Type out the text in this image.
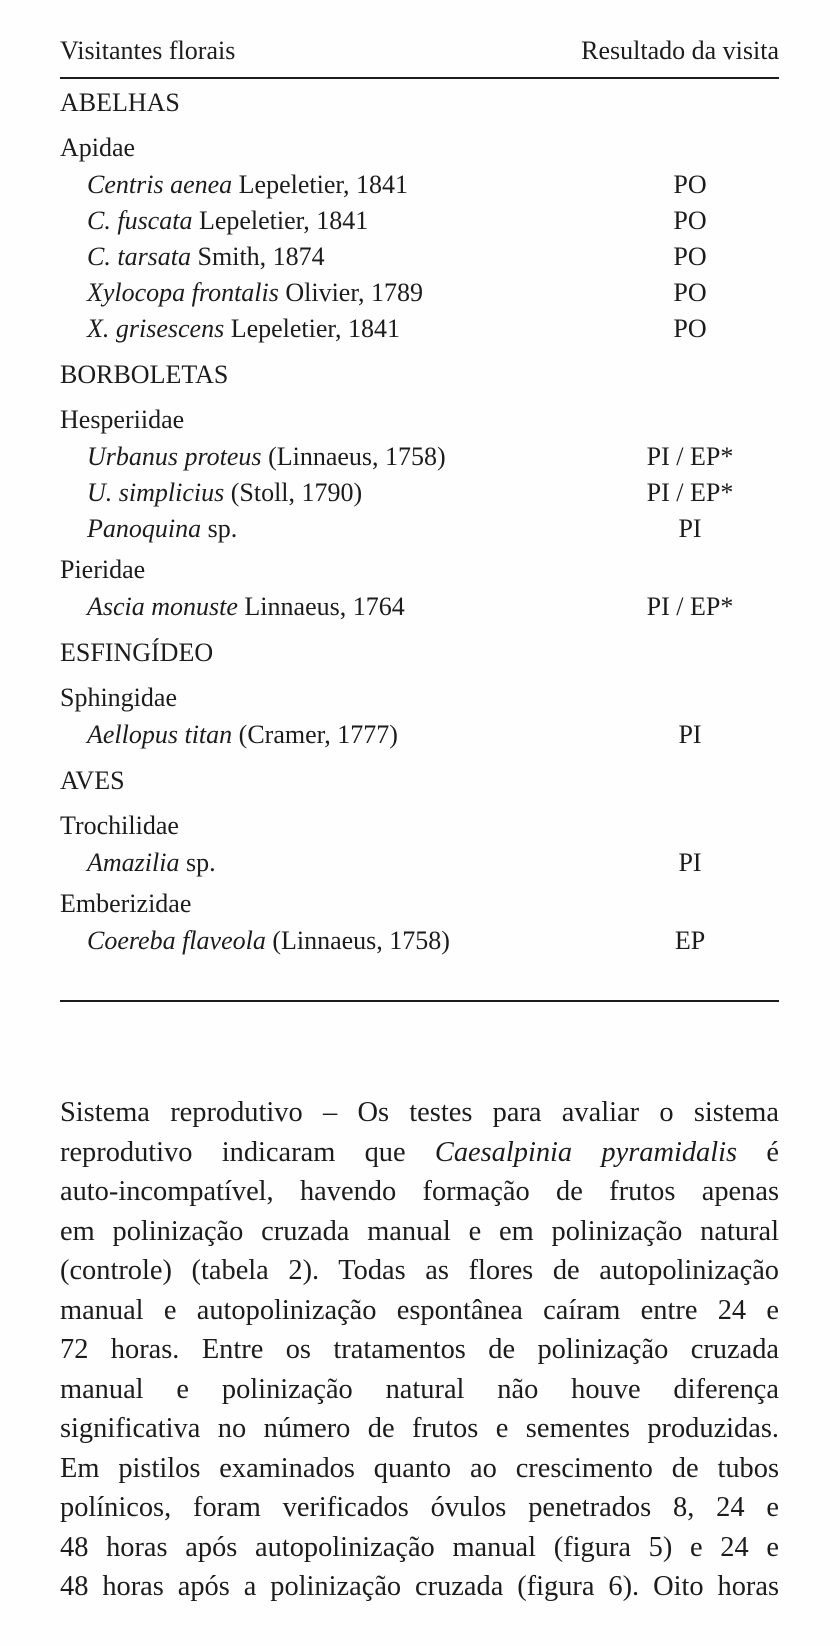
Visitantes florais	Resultado da visita
ABELHAS
Apidae
Centris aenea Lepeletier, 1841	PO
C. fuscata Lepeletier, 1841	PO
C. tarsata Smith, 1874	PO
Xylocopa frontalis Olivier, 1789	PO
X. grisescens Lepeletier, 1841	PO
BORBOLETAS
Hesperiidae
Urbanus proteus (Linnaeus, 1758)	PI / EP*
U. simplicius (Stoll, 1790)	PI / EP*
Panoquina sp.	PI
Pieridae
Ascia monuste Linnaeus, 1764	PI / EP*
ESFINGÍDEO
Sphingidae
Aellopus titan (Cramer, 1777)	PI
AVES
Trochilidae
Amazilia sp.	PI
Emberizidae
Coereba flaveola (Linnaeus, 1758)	EP
Sistema reprodutivo – Os testes para avaliar o sistema
reprodutivo indicaram que Caesalpinia pyramidalis é
auto-incompatível, havendo formação de frutos apenas
em polinização cruzada manual e em polinização natural
(controle) (tabela 2). Todas as flores de autopolinização
manual e autopolinização espontânea caíram entre 24 e
72 horas. Entre os tratamentos de polinização cruzada
manual e polinização natural não houve diferença
significativa no número de frutos e sementes produzidas.
Em pistilos examinados quanto ao crescimento de tubos
polínicos, foram verificados óvulos penetrados 8, 24 e
48 horas após autopolinização manual (figura 5) e 24 e
48 horas após a polinização cruzada (figura 6). Oito horas
